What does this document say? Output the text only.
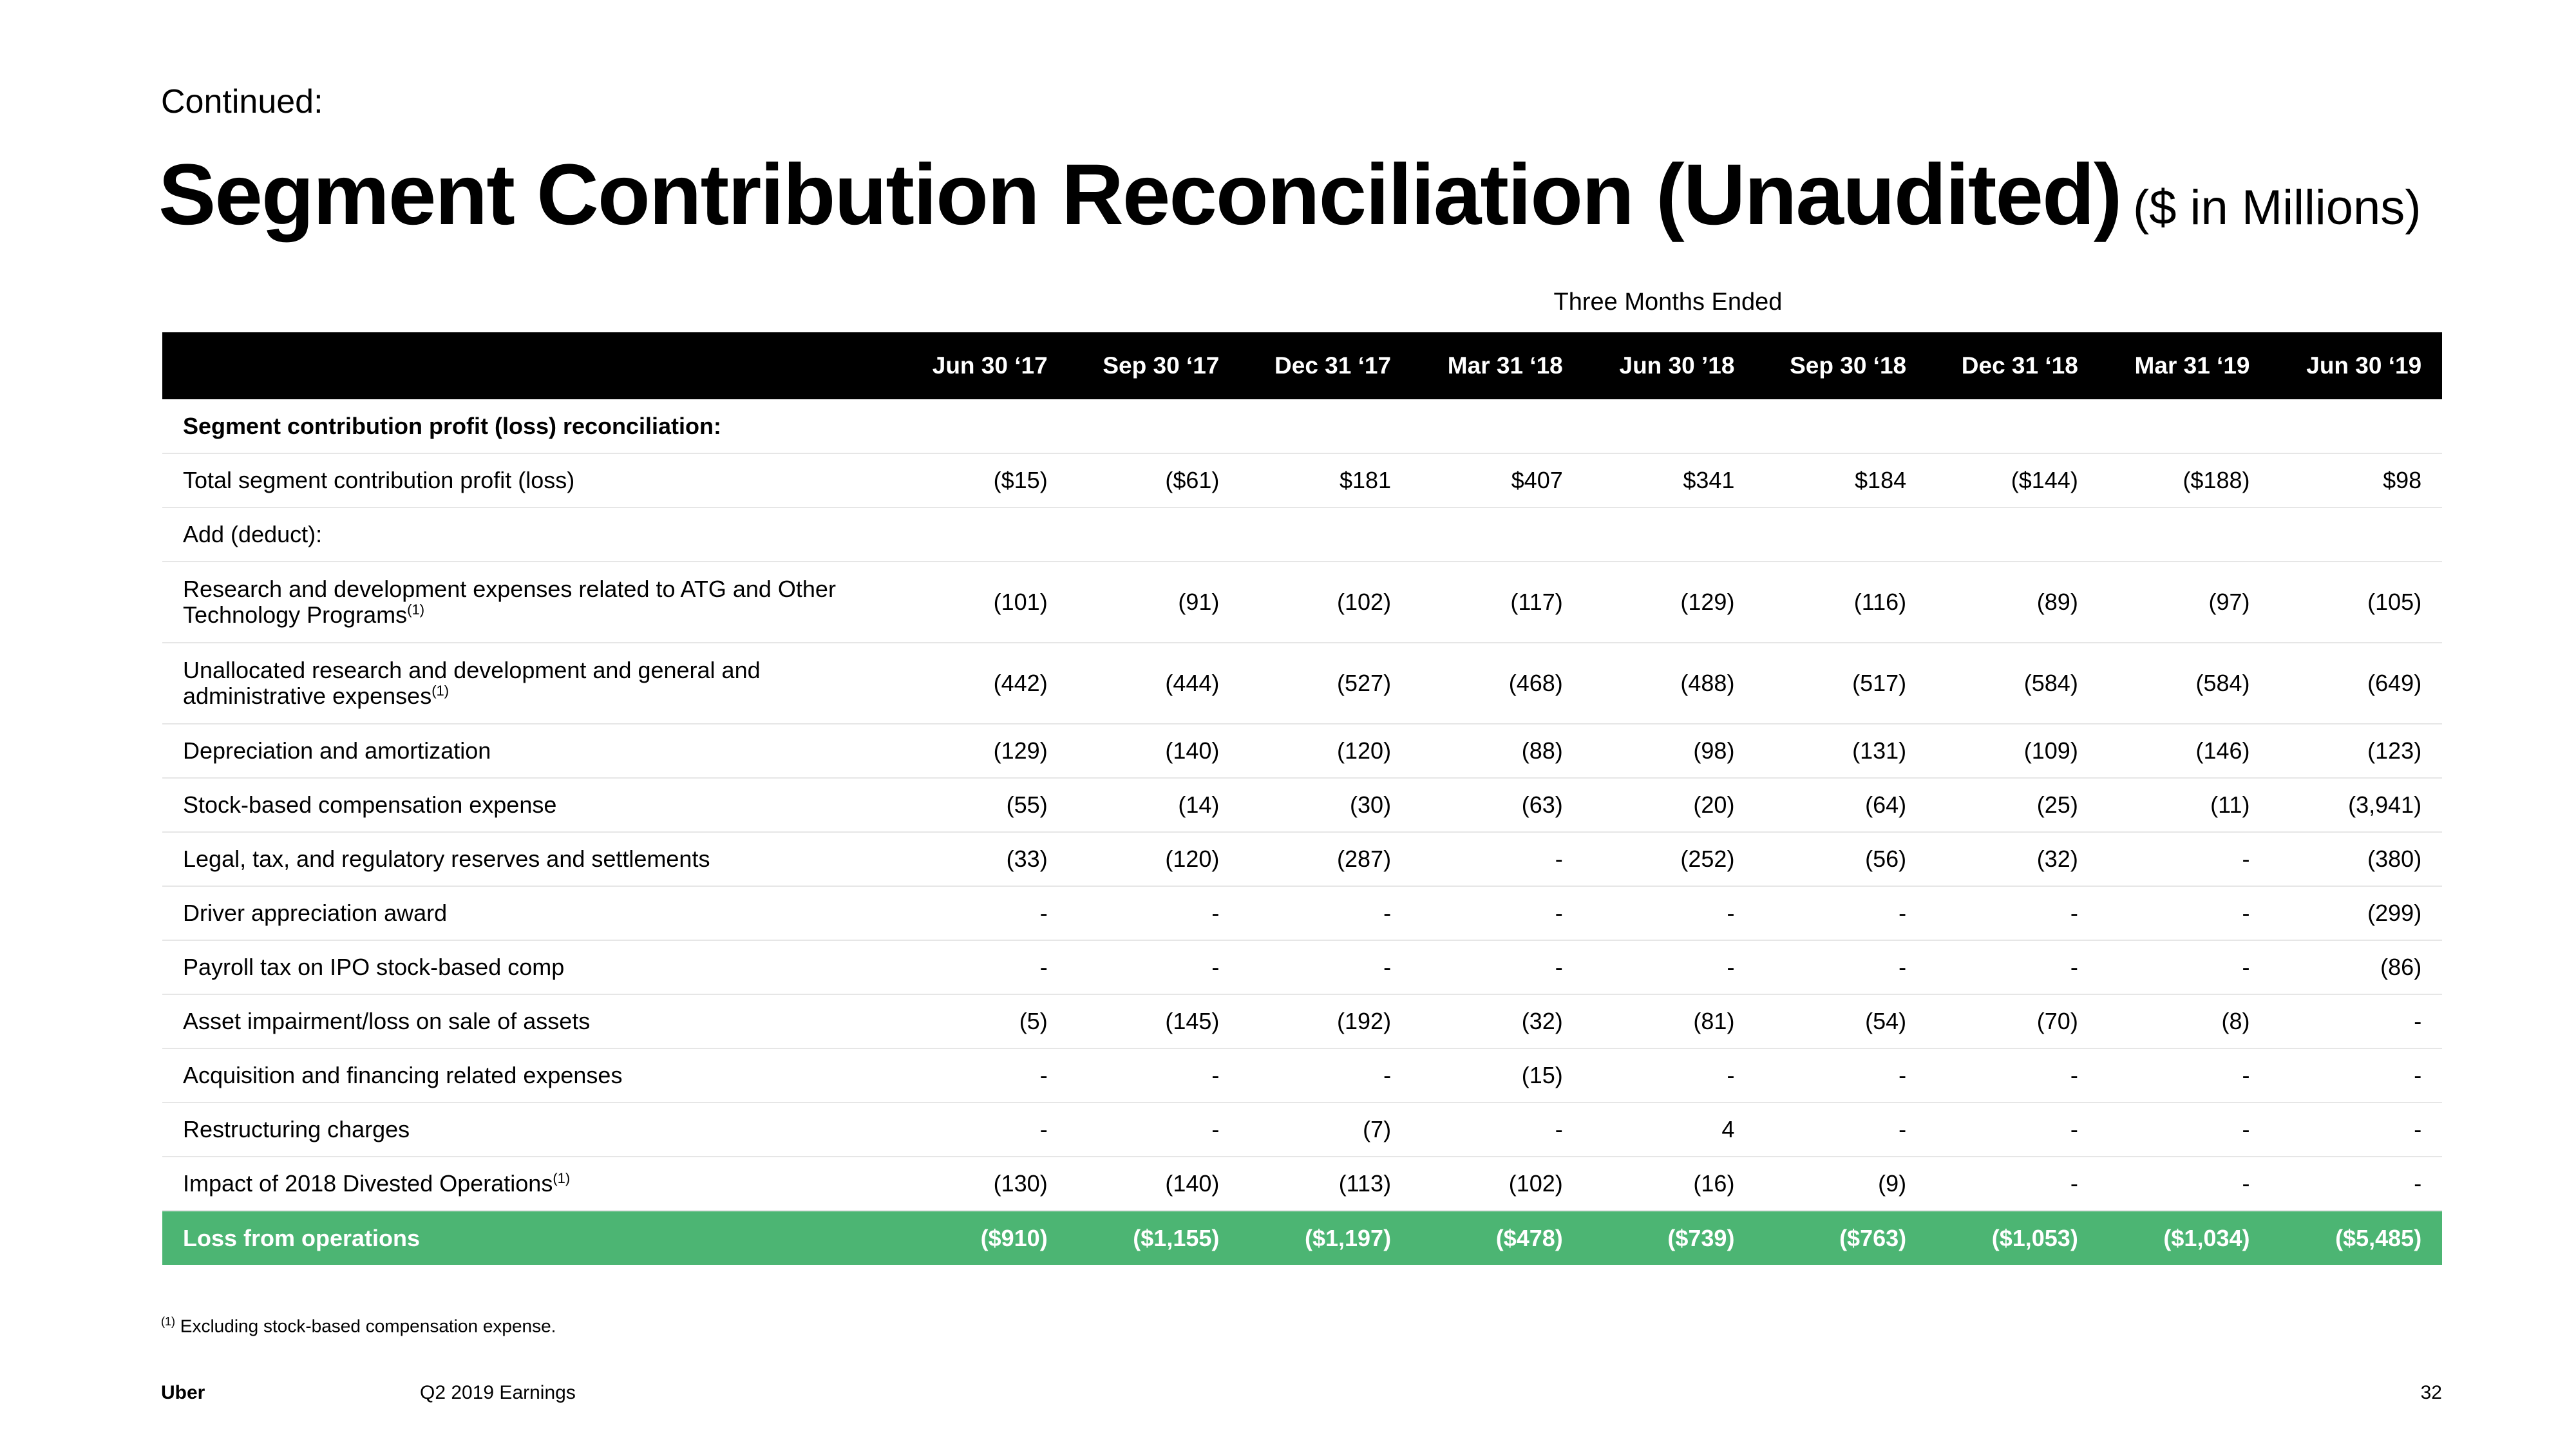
Continued:
Segment Contribution Reconciliation (Unaudited) ($ in Millions)
Three Months Ended
	Jun 30 ‘17	Sep 30 ‘17	Dec 31 ‘17	Mar 31 ‘18	Jun 30 ’18	Sep 30 ‘18	Dec 31 ‘18	Mar 31 ‘19	Jun 30 ‘19
Segment contribution profit (loss) reconciliation:									
Total segment contribution profit (loss)	($15)	($61)	$181	$407	$341	$184	($144)	($188)	$98
Add (deduct):									
Research and development expenses related to ATG and Other Technology Programs$^{(1)}$	(101)	(91)	(102)	(117)	(129)	(116)	(89)	(97)	(105)
Unallocated research and development and general and administrative expenses$^{(1)}$	(442)	(444)	(527)	(468)	(488)	(517)	(584)	(584)	(649)
Depreciation and amortization	(129)	(140)	(120)	(88)	(98)	(131)	(109)	(146)	(123)
Stock-based compensation expense	(55)	(14)	(30)	(63)	(20)	(64)	(25)	(11)	(3,941)
Legal, tax, and regulatory reserves and settlements	(33)	(120)	(287)	-	(252)	(56)	(32)	-	(380)
Driver appreciation award	-	-	-	-	-	-	-	-	(299)
Payroll tax on IPO stock-based comp	-	-	-	-	-	-	-	-	(86)
Asset impairment/loss on sale of assets	(5)	(145)	(192)	(32)	(81)	(54)	(70)	(8)	-
Acquisition and financing related expenses	-	-	-	(15)	-	-	-	-	-
Restructuring charges	-	-	(7)	-	4	-	-	-	-
Impact of 2018 Divested Operations$^{(1)}$	(130)	(140)	(113)	(102)	(16)	(9)	-	-	-
Loss from operations	($910)	($1,155)	($1,197)	($478)	($739)	($763)	($1,053)	($1,034)	($5,485)
$^{(1)}$ Excluding stock-based compensation expense.
Uber	Q2 2019 Earnings	32
